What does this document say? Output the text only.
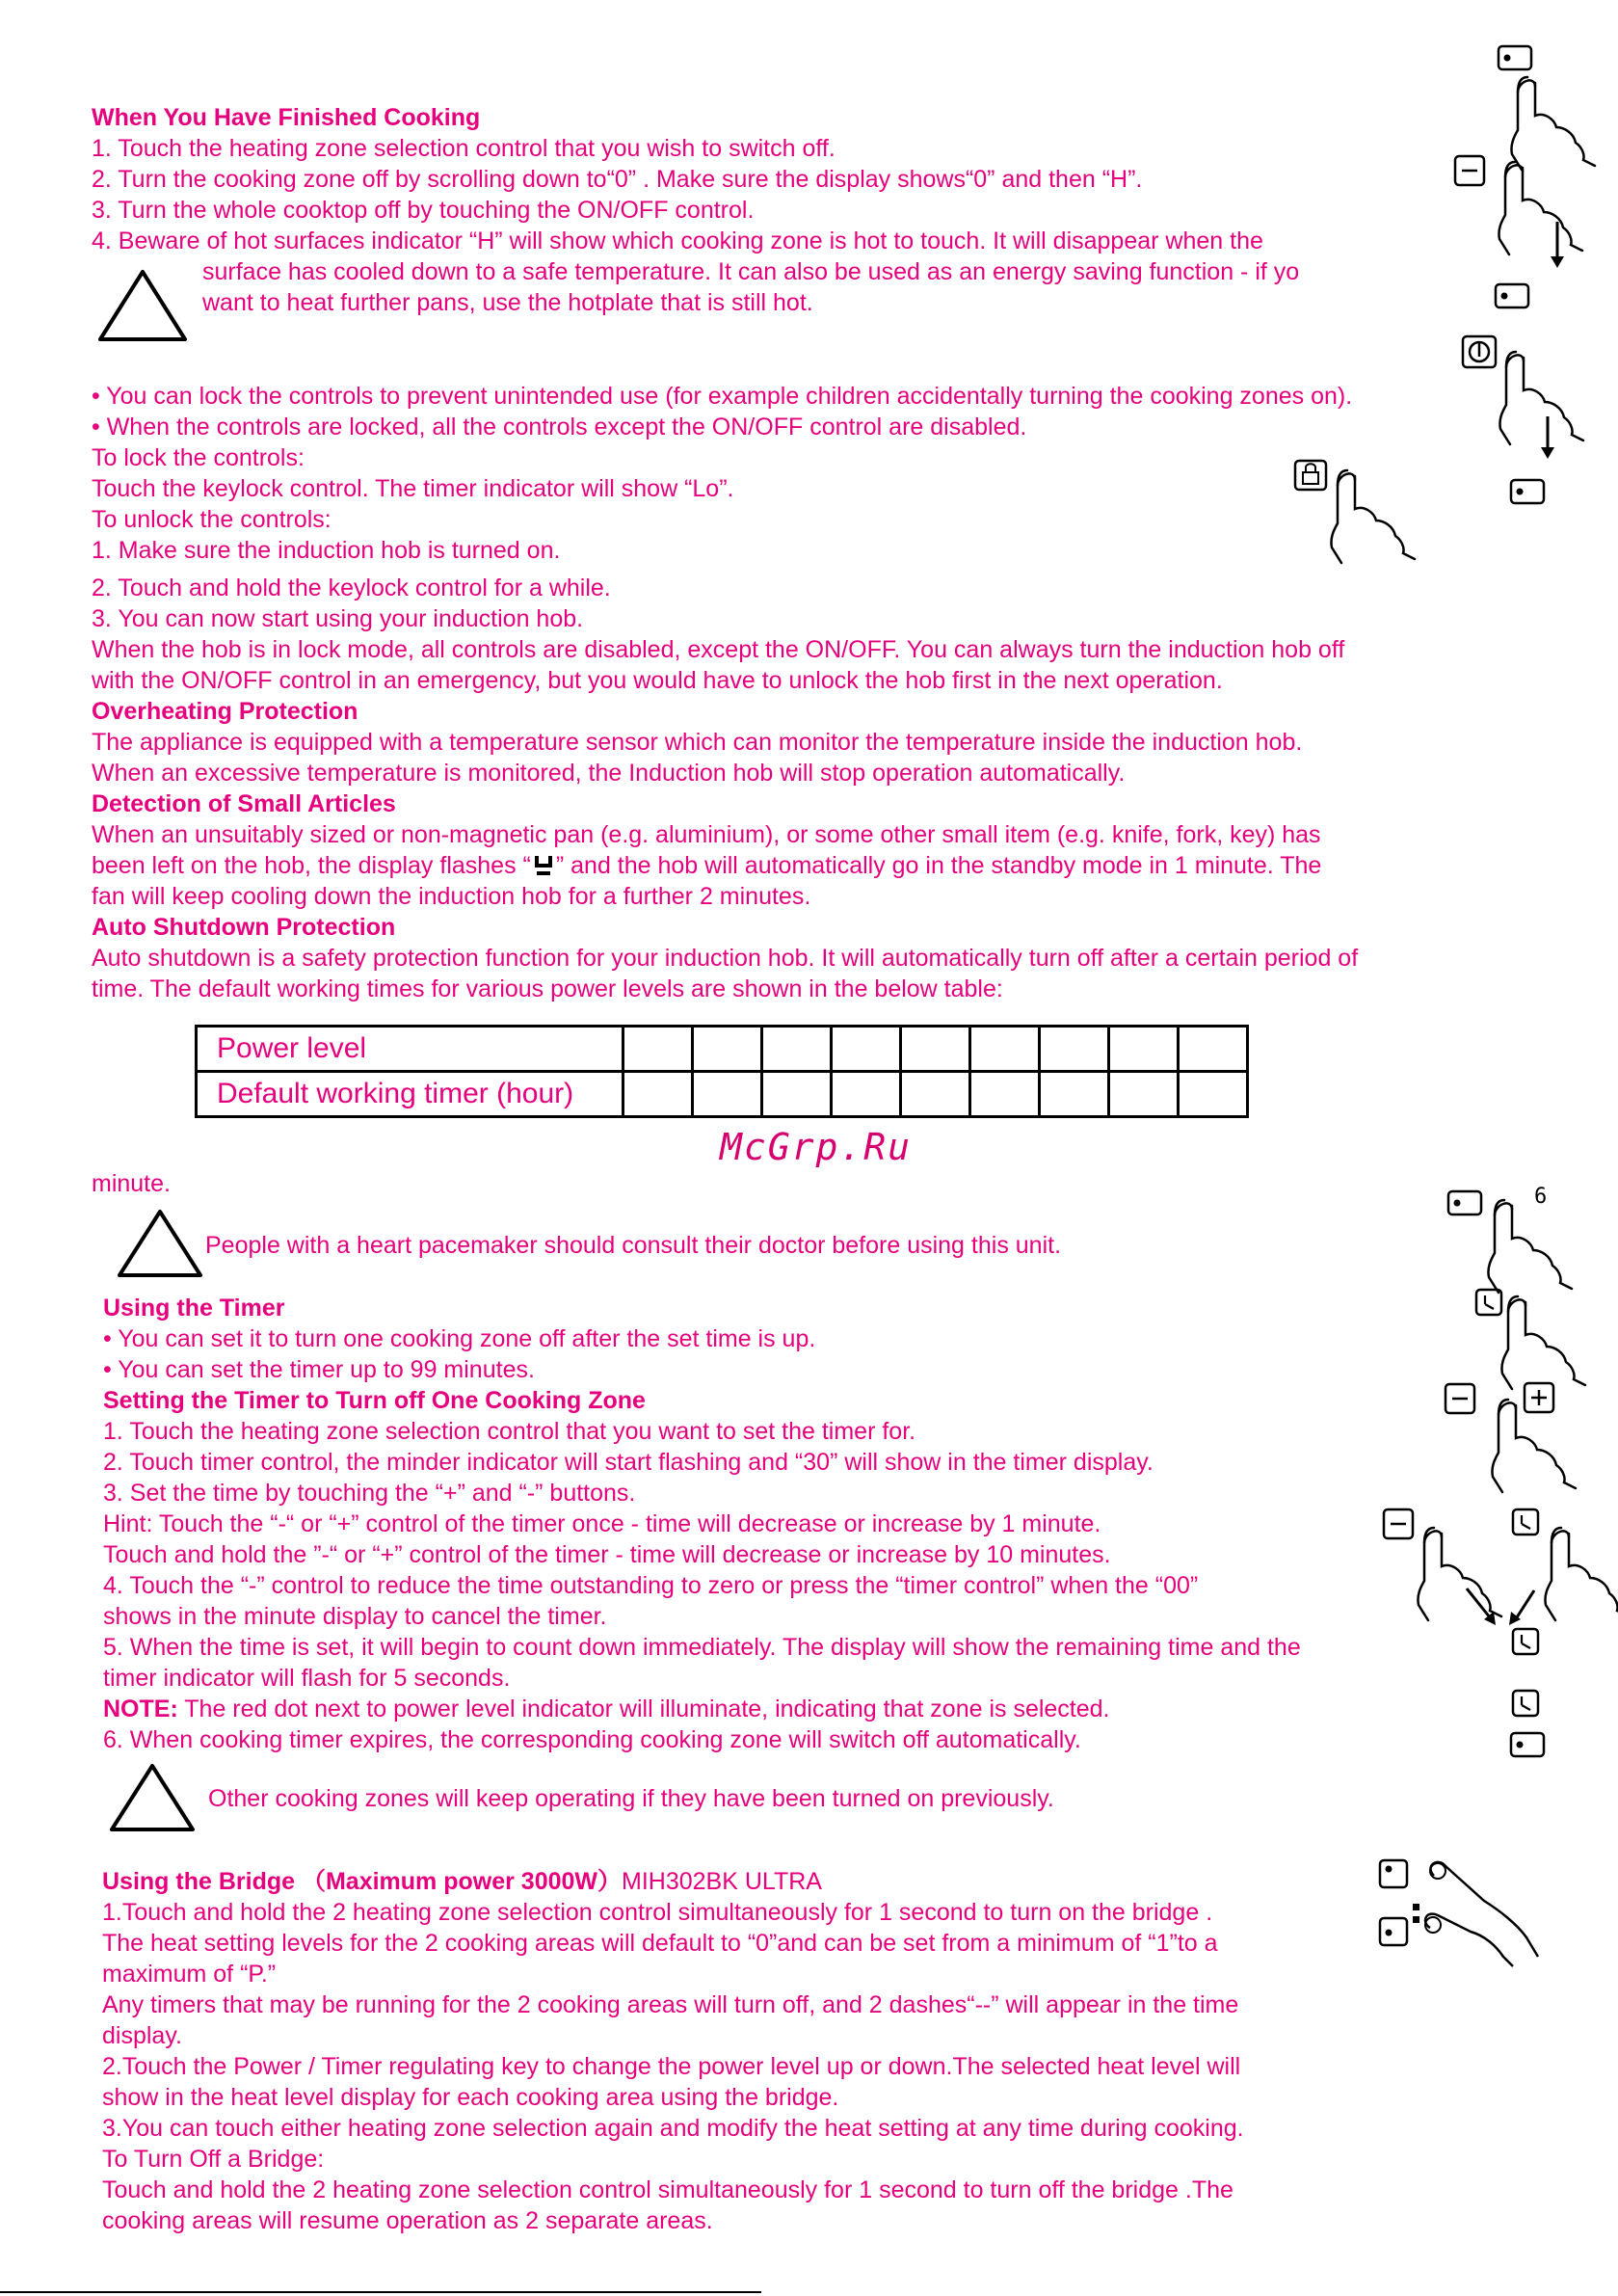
When You Have Finished Cooking

1. Touch the heating zone selection control that you wish to switch off.

2. Turn the cooking zone off by scrolling down to“0” . Make sure the display shows“0” and then “H”.

3. Turn the whole cooktop off by touching the ON/OFF control.

4. Beware of hot surfaces indicator “H” will show which cooking zone is hot to touch. It will disappear when the

surface has cooled down to a safe temperature. It can also be used as an energy saving function - if yo
want to heat further pans, use the hotplate that is still hot.

• You can lock the controls to prevent unintended use (for example children accidentally turning the cooking zones on).

• When the controls are locked, all the controls except the ON/OFF control are disabled.

To lock the controls:

Touch the keylock control. The timer indicator will show “Lo”.

To unlock the controls:

1. Make sure the induction hob is turned on.

2. Touch and hold the keylock control for a while.

3. You can now start using your induction hob.

When the hob is in lock mode, all controls are disabled, except the ON/OFF. You can always turn the induction hob off

with the ON/OFF control in an emergency, but you would have to unlock the hob first in the next operation.

Overheating Protection

The appliance is equipped with a temperature sensor which can monitor the temperature inside the induction hob.

When an excessive temperature is monitored, the Induction hob will stop operation automatically.

Detection of Small Articles

When an unsuitably sized or non-magnetic pan (e.g. aluminium), or some other small item (e.g. knife, fork, key) has

been left on the hob, the display flashes “ ” and the hob will automatically go in the standby mode in 1 minute. The

fan will keep cooling down the induction hob for a further 2 minutes.

Auto Shutdown Protection

Auto shutdown is a safety protection function for your induction hob. It will automatically turn off after a certain period of

time. The default working times for various power levels are shown in the below table:

Power level									
Default working timer (hour)									
McGrp.Ru
minute.
People with a heart pacemaker should consult their doctor before using this unit.

Using the Timer

• You can set it to turn one cooking zone off after the set time is up.

• You can set the timer up to 99 minutes.

Setting the Timer to Turn off One Cooking Zone

1. Touch the heating zone selection control that you want to set the timer for.

2. Touch timer control, the minder indicator will start flashing and “30” will show in the timer display.

3. Set the time by touching the “+” and “-” buttons.

Hint: Touch the “-“ or “+” control of the timer once - time will decrease or increase by 1 minute.

Touch and hold the ”-“ or “+” control of the timer - time will decrease or increase by 10 minutes.

4. Touch the “-” control to reduce the time outstanding to zero or press the “timer control” when the “00”

shows in the minute display to cancel the timer.

5. When the time is set, it will begin to count down immediately. The display will show the remaining time and the

timer indicator will flash for 5 seconds.

NOTE: The red dot next to power level indicator will illuminate, indicating that zone is selected.

6. When cooking timer expires, the corresponding cooking zone will switch off automatically.

Other cooking zones will keep operating if they have been turned on previously.

Using the Bridge （Maximum power 3000W）MIH302BK ULTRA

1.Touch and hold the 2 heating zone selection control simultaneously for 1 second to turn on the bridge .

The heat setting levels for the 2 cooking areas will default to “0”and can be set from a minimum of “1”to a

maximum of “P.”

Any timers that may be running for the 2 cooking areas will turn off, and 2 dashes“--” will appear in the time

display.

2.Touch the Power / Timer regulating key to change the power level up or down.The selected heat level will

show in the heat level display for each cooking area using the bridge.

3.You can touch either heating zone selection again and modify the heat setting at any time during cooking.

To Turn Off a Bridge:

Touch and hold the 2 heating zone selection control simultaneously for 1 second to turn off the bridge .The

cooking areas will resume operation as 2 separate areas.

6
